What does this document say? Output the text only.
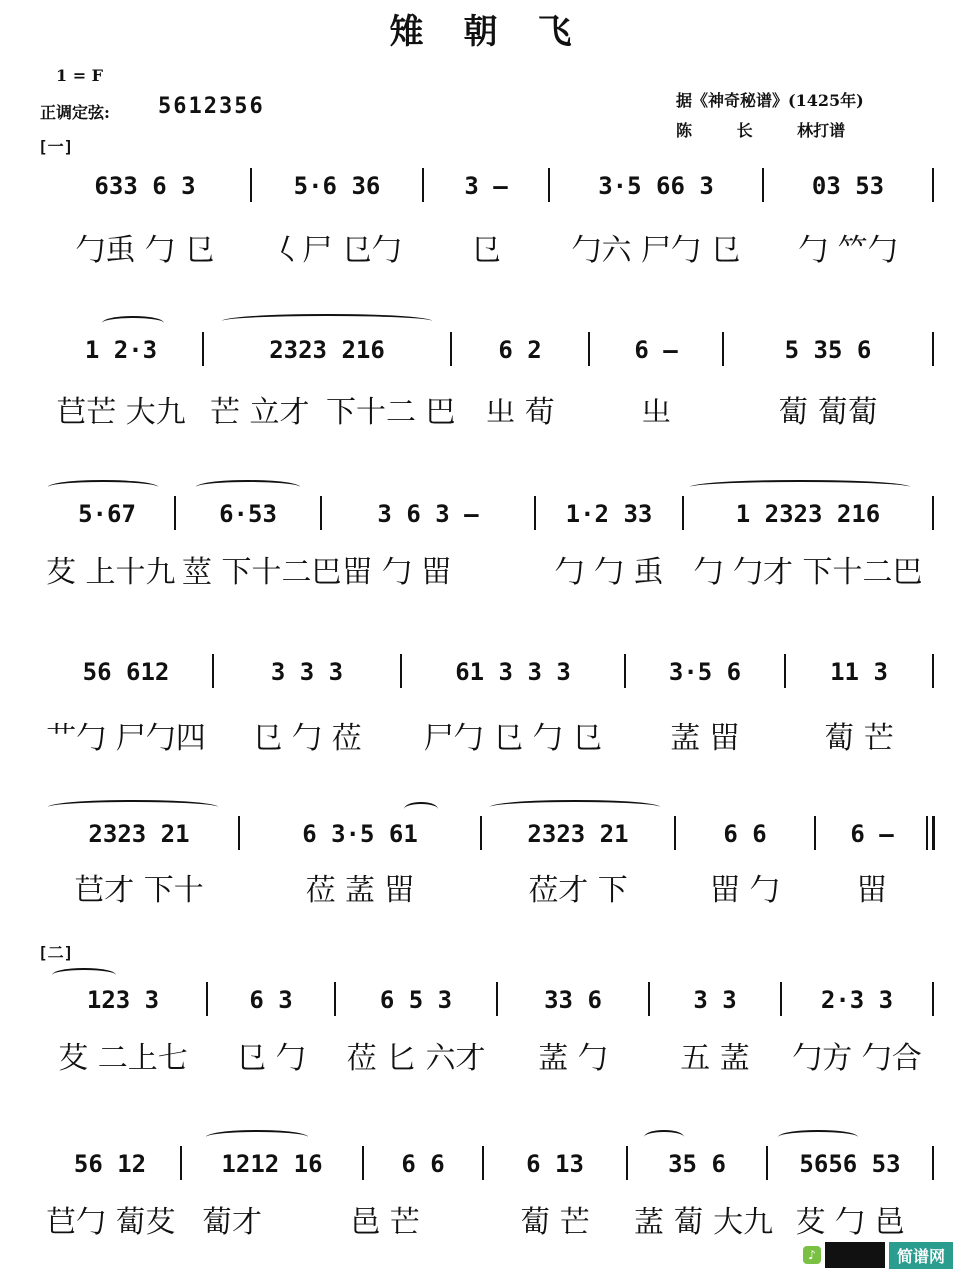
雉朝飞
1 = F
正调定弦: 5612356	据《神奇秘谱》(1425年)
陈        长        林打谱
[一]
[二]
633 6 3	5·6 36	3 —	3·5 66 3	03 53
勹䖝 勹 㔾	𡿨尸 㔾勹	㔾	勹六 尸勹 㔾	勹 𥫗勹
1 2·3	2323 216	6 2	6 —	5 35 6
𦬊芒 大九 芒 立才 下十二 巴 㞢 荀	㞢	蔔 蔔蔔
5·67	6·53	3 6 3 —	1·2 33	1 2323 216
䒘 上十九 莖 下十二巴 㽞 勹 㽞	勹 勹 䖝 勹 勹才 下十二巴
56 612	3 3 3	61 3 3 3	3·5 6	11 3
艹勹 尸勹四	㔾 勹 莅	尸勹 㔾 勹 㔾	䓝 㽞	蔔 芒
2323 21	6 3·5 61	2323 21	6 6	6 —
𦬊才 下十	莅 䓝 㽞	莅才 下	㽞 勹	㽞
123 3	6 3	6 5 3	33 6	3 3	2·3 3
䒘 二上七	㔾 勹	莅 匕 六才	䓝 勹	五 䓝	勹方 勹合
56 12	1212 16	6 6	6 13	35 6	5656 53
𦬊勹 蔔䒘 蔔才	邑 芒	蔔 芒	䓝 蔔 大九 䒘 勹 邑
♪	简谱网
